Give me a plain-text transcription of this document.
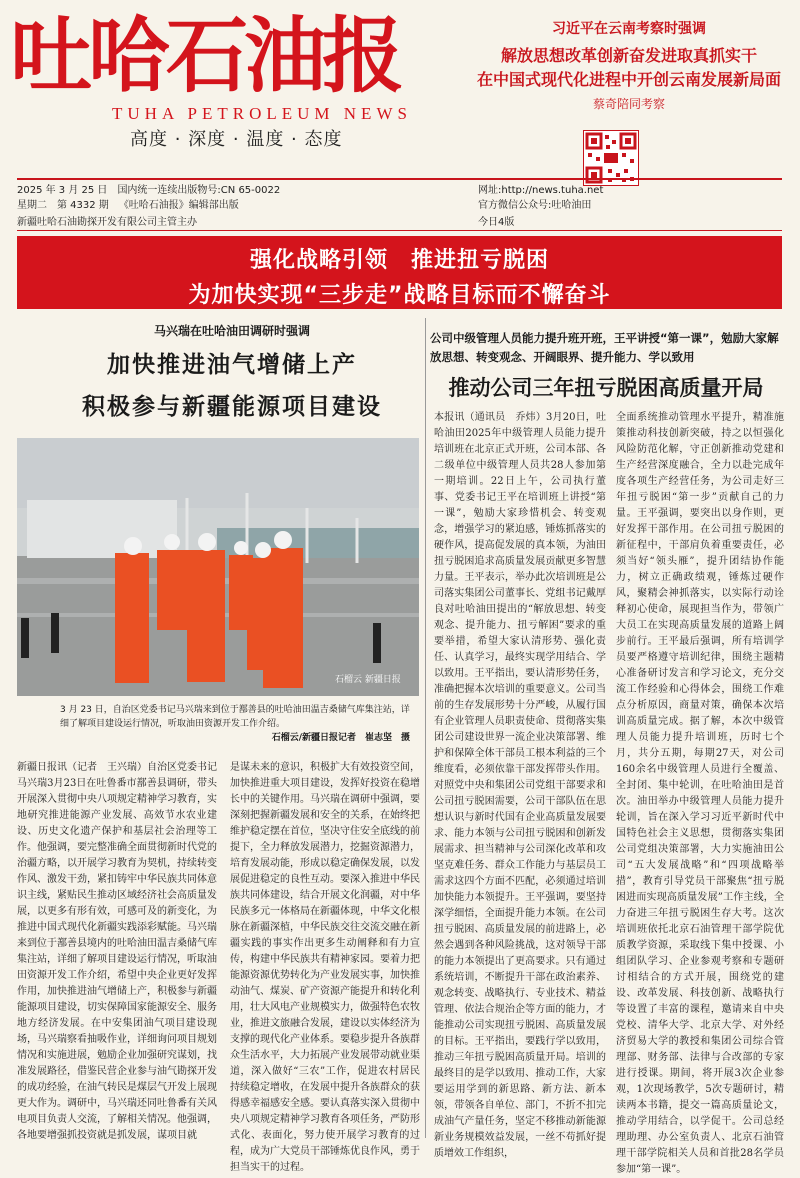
吐哈石油报
TUHA PETROLEUM NEWS
高度 · 深度 · 温度 · 态度
习近平在云南考察时强调
解放思想改革创新奋发进取真抓实干
在中国式现代化进程中开创云南发展新局面
蔡奇陪同考察
2025 年 3 月 25 日 国内统一连续出版物号:CN 65-0022
星期二　第 4332 期 《吐哈石油报》编辑部出版
新疆吐哈石油勘探开发有限公司主管主办
网址:http://news.tuha.net
官方微信公众号:吐哈油田
今日4版
强化战略引领　推进扭亏脱困
为加快实现“三步走”战略目标而不懈奋斗
马兴瑞在吐哈油田调研时强调
加快推进油气增储上产
积极参与新疆能源项目建设
石榴云 新疆日报
3 月 23 日，自治区党委书记马兴瑞来到位于鄯善县的吐哈油田温吉桑储气库集注站，详细了解项目建设运行情况，听取油田资源开发工作介绍。
石榴云/新疆日报记者　崔志坚　摄
新疆日报讯（记者　王兴瑞）自治区党委书记马兴瑞3月23日在吐鲁番市鄯善县调研，带头开展深入贯彻中央八项规定精神学习教育，实地研究推进能源产业发展、高效节水农业建设、历史文化遗产保护和基层社会治理等工作。他强调，要完整准确全面贯彻新时代党的治疆方略，以开展学习教育为契机，持续转变作风、激发干劲，紧扣铸牢中华民族共同体意识主线，紧贴民生推动区域经济社会高质量发展，以更多有形有效，可感可及的新变化，为推进中国式现代化新疆实践添彩赋能。马兴瑞来到位于鄯善县境内的吐哈油田温吉桑储气库集注站，详细了解项目建设运行情况，听取油田资源开发工作介绍，希望中央企业更好发挥作用，加快推进油气增储上产，积极参与新疆能源项目建设，切实保障国家能源安全、服务地方经济发展。在中安集团油气项目建设现场，马兴瑞察看抽吸作业，详细询问项目规划情况和实施进展，勉励企业加强研究谋划，找准发展路径，借鉴民营企业参与油气勘探开发的成功经验，在油气转民是煤层气开发上展现更大作为。调研中，马兴瑞还同吐鲁番有关风电项目负责人交流，了解相关情况。他强调，各地要增强抓投资就是抓发展，谋项目就
是谋未来的意识，积极扩大有效投资空间，加快推进重大项目建设，发挥好投资在稳增长中的关键作用。马兴瑞在调研中强调，要深刻把握新疆发展和安全的关系，在始终把维护稳定摆在首位，坚决守住安全底线的前提下，全力释放发展潜力，挖掘资源潜力，培育发展动能，形成以稳定确保发展，以发展促进稳定的良性互动。要深入推进中华民族共同体建设，结合开展文化润疆，对中华民族多元一体格局在新疆体现，中华文化根脉在新疆深植，中华民族交往交流交融在新疆实践的事实作出更多生动阐释和有力宣传，构建中华民族共有精神家园。要着力把能源资源优势转化为产业发展实事，加快推动油气、煤炭、矿产资源产能提升和转化利用，壮大风电产业规模实力，做强特色农牧业，推进文旅融合发展，建设以实体经济为支撑的现代化产业体系。要稳步提升各族群众生活水平，大力拓展产业发展带动就业渠道，深入做好“三农”工作，促进农村居民持续稳定增收，在发展中提升各族群众的获得感幸福感安全感。要认真落实深入贯彻中央八项规定精神学习教育各项任务，严防形式化、表面化，努力使开展学习教育的过程，成为广大党员干部锤炼优良作风，勇于担当实干的过程。
公司中级管理人员能力提升班开班，王平讲授“第一课”，勉励大家解放思想、转变观念、开阔眼界、提升能力、学以致用
推动公司三年扭亏脱困高质量开局
本报讯（通讯员　乔炜）3月20日，吐哈油田2025年中级管理人员能力提升培训班在北京正式开班，公司本部、各二级单位中级管理人员共28人参加第一期培训。22日上午，公司执行董事、党委书记王平在培训班上讲授“第一课”，勉励大家珍惜机会、转变观念，增强学习的紧迫感，锤炼抓落实的硬作风，提高促发展的真本领，为油田扭亏脱困追求高质量发展贡献更多智慧力量。王平表示，举办此次培训班是公司落实集团公司董事长、党组书记戴厚良对吐哈油田提出的“解放思想、转变观念、提升能力、扭亏解困”要求的重要举措，希望大家认清形势、强化责任、认真学习，最终实现学用结合、学以致用。王平指出，要认清形势任务，准确把握本次培训的重要意义。公司当前的生存发展形势十分严峻，从履行国有企业管理人员职责使命、贯彻落实集团公司建设世界一流企业决策部署、维护和保障全体干部员工根本利益的三个维度看，必须依靠干部发挥带头作用。对照党中央和集团公司党组干部要求和公司扭亏脱困需要，公司干部队伍在思想认识与新时代国有企业高质量发展要求、能力本领与公司扭亏脱困和创新发展需求、担当精神与公司深化改革和攻坚克难任务、群众工作能力与基层员工需求这四个方面不匹配，必须通过培训加快能力本领提升。王平强调，要坚持深学细悟，全面提升能力本领。在公司扭亏脱困、高质量发展的前进路上，必然会遇到各种风险挑战，这对领导干部的能力本领提出了更高要求。只有通过系统培训，不断提升干部在政治素养、观念转变、战略执行、专业技术、精益管理、依法合规治企等方面的能力，才能推动公司实现扭亏脱困、高质量发展的目标。王平指出，要践行学以致用，推动三年扭亏脱困高质量开局。培训的最终目的是学以致用、推动工作，大家要运用学到的新思路、新方法、新本领，带领各自单位、部门，不折不扣完成油气产量任务，坚定不移推动新能源新业务规模效益发展，一丝不苟抓好提质增效工作组织，
全面系统推动管理水平提升，精准施策推动科技创新突破，持之以恒强化风险防范化解，守正创新推动党建和生产经营深度融合，全力以赴完成年度各项生产经营任务，为公司走好三年扭亏脱困“第一步”贡献自己的力量。王平强调，要突出以身作则，更好发挥干部作用。在公司扭亏脱困的新征程中，干部肩负着重要责任，必须当好“领头雁”，提升团结协作能力，树立正确政绩观，锤炼过硬作风，聚精会神抓落实，以实际行动诠释初心使命，展现担当作为，带领广大员工在实现高质量发展的道路上阔步前行。王平最后强调，所有培训学员要严格遵守培训纪律，围绕主题精心准备研讨发言和学习论文，充分交流工作经验和心得体会，围绕工作难点分析原因，商量对策，确保本次培训高质量完成。据了解，本次中级管理人员能力提升培训班，历时七个月，共分五期，每期27天，对公司160余名中级管理人员进行全覆盖、全封闭、集中轮训，在吐哈油田是首次。油田举办中级管理人员能力提升轮训，旨在深入学习习近平新时代中国特色社会主义思想，贯彻落实集团公司党组决策部署，大力实施油田公司“五大发展战略”和“四项战略举措”，教育引导党员干部聚焦“扭亏脱困进而实现高质量发展”工作主线，全力奋进三年扭亏脱困生存大考。这次培训班依托北京石油管理干部学院优质教学资源，采取线下集中授课、小组团队学习、企业参观考察和专题研讨相结合的方式开展，围绕党的建设、改革发展、科技创新、战略执行等设置了丰富的课程，邀请来自中央党校、清华大学、北京大学、对外经济贸易大学的教授和集团公司综合管理部、财务部、法律与合改部的专家进行授课。期间，将开展3次企业参观，1次现场教学，5次专题研讨，精读两本书籍，提交一篇高质量论文，推动学用结合，以学促干。公司总经理助理、办公室负责人、北京石油管理干部学院相关人员和首批28名学员参加“第一课”。
